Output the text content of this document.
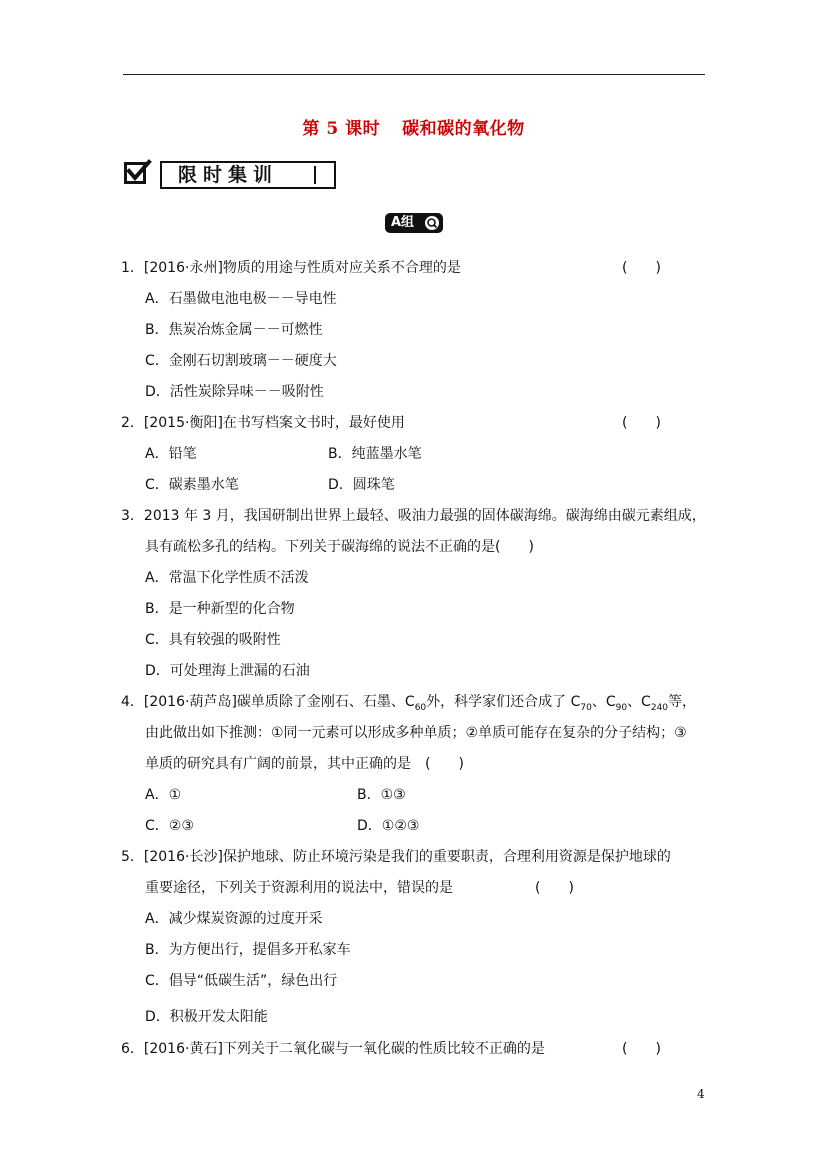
第 5 课时 碳和碳的氧化物
限时集训
A组
1．[2016·永州]物质的用途与性质对应关系不合理的是	(　　)
A．石墨做电池电极－－导电性
B．焦炭冶炼金属－－可燃性
C．金刚石切割玻璃－－硬度大
D．活性炭除异味－－吸附性
2．[2015·衡阳]在书写档案文书时，最好使用	(　　)
A．铅笔	B．纯蓝墨水笔
C．碳素墨水笔	D．圆珠笔
3．2013 年 3 月，我国研制出世界上最轻、吸油力最强的固体碳海绵。碳海绵由碳元素组成，
具有疏松多孔的结构。下列关于碳海绵的说法不正确的是(　　)
A．常温下化学性质不活泼
B．是一种新型的化合物
C．具有较强的吸附性
D．可处理海上泄漏的石油
4．[2016·葫芦岛]碳单质除了金刚石、石墨、$C_{60}$外，科学家们还合成了 $C_{70}$、$C_{90}$、$C_{240}$等，
由此做出如下推测：①同一元素可以形成多种单质；②单质可能存在复杂的分子结构；③
单质的研究具有广阔的前景，其中正确的是　(　　)
A．①	B．①③
C．②③	D．①②③
5．[2016·长沙]保护地球、防止环境污染是我们的重要职责，合理利用资源是保护地球的
重要途径，下列关于资源利用的说法中，错误的是	(　　)
A．减少煤炭资源的过度开采
B．为方便出行，提倡多开私家车
C．倡导“低碳生活”，绿色出行
D．积极开发太阳能
6．[2016·黄石]下列关于二氧化碳与一氧化碳的性质比较不正确的是	(　　)
4
